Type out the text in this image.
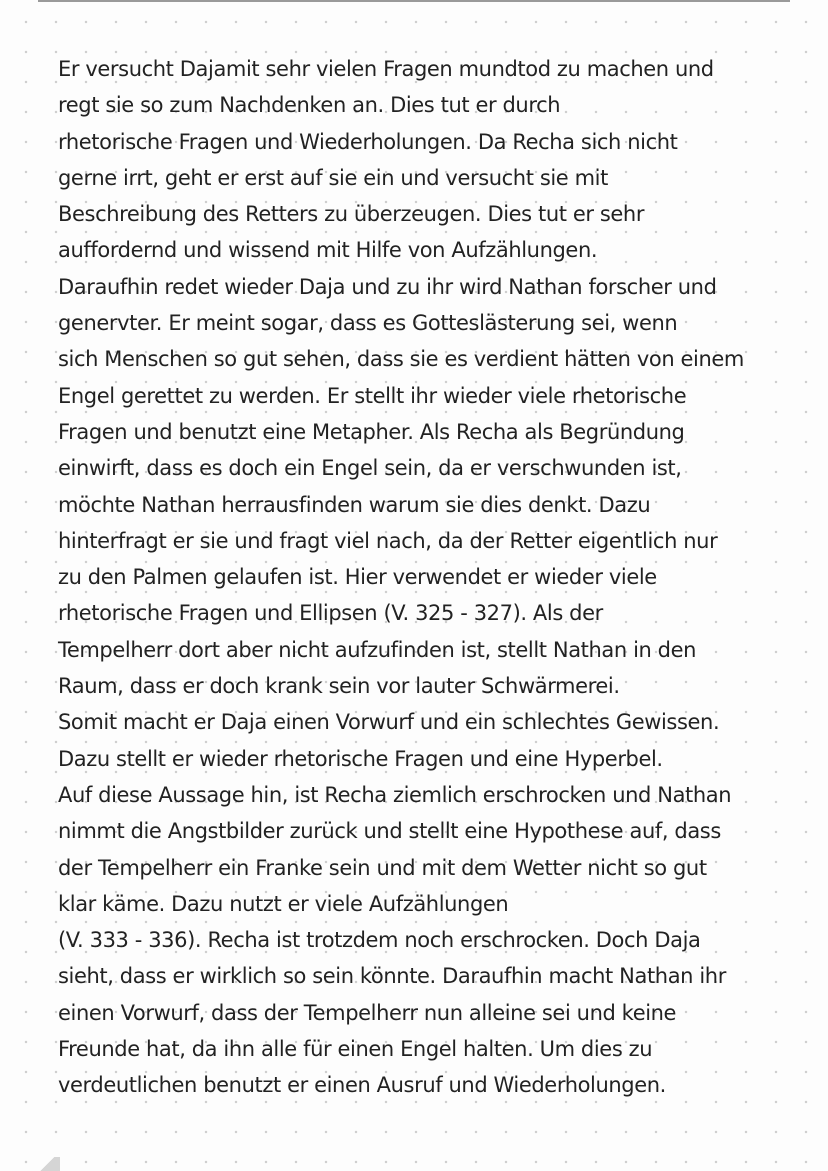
Er versucht Dajamit sehr vielen Fragen mundtod zu machen und
regt sie so zum Nachdenken an. Dies tut er durch
rhetorische Fragen und Wiederholungen. Da Recha sich nicht
gerne irrt, geht er erst auf sie ein und versucht sie mit
Beschreibung des Retters zu überzeugen. Dies tut er sehr
auffordernd und wissend mit Hilfe von Aufzählungen.
Daraufhin redet wieder Daja und zu ihr wird Nathan forscher und
genervter. Er meint sogar, dass es Gotteslästerung sei, wenn
sich Menschen so gut sehen, dass sie es verdient hätten von einem
Engel gerettet zu werden. Er stellt ihr wieder viele rhetorische
Fragen und benutzt eine Metapher. Als Recha als Begründung
einwirft, dass es doch ein Engel sein, da er verschwunden ist,
möchte Nathan herrausfinden warum sie dies denkt. Dazu
hinterfragt er sie und fragt viel nach, da der Retter eigentlich nur
zu den Palmen gelaufen ist. Hier verwendet er wieder viele
rhetorische Fragen und Ellipsen (V. 325 - 327). Als der
Tempelherr dort aber nicht aufzufinden ist, stellt Nathan in den
Raum, dass er doch krank sein vor lauter Schwärmerei.
Somit macht er Daja einen Vorwurf und ein schlechtes Gewissen.
Dazu stellt er wieder rhetorische Fragen und eine Hyperbel.
Auf diese Aussage hin, ist Recha ziemlich erschrocken und Nathan
nimmt die Angstbilder zurück und stellt eine Hypothese auf, dass
der Tempelherr ein Franke sein und mit dem Wetter nicht so gut
klar käme. Dazu nutzt er viele Aufzählungen
(V. 333 - 336). Recha ist trotzdem noch erschrocken. Doch Daja
sieht, dass er wirklich so sein könnte. Daraufhin macht Nathan ihr
einen Vorwurf, dass der Tempelherr nun alleine sei und keine
Freunde hat, da ihn alle für einen Engel halten. Um dies zu
verdeutlichen benutzt er einen Ausruf und Wiederholungen.
